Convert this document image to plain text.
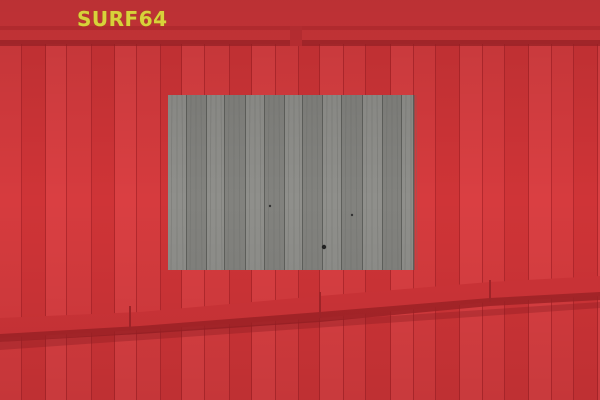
SURF64
